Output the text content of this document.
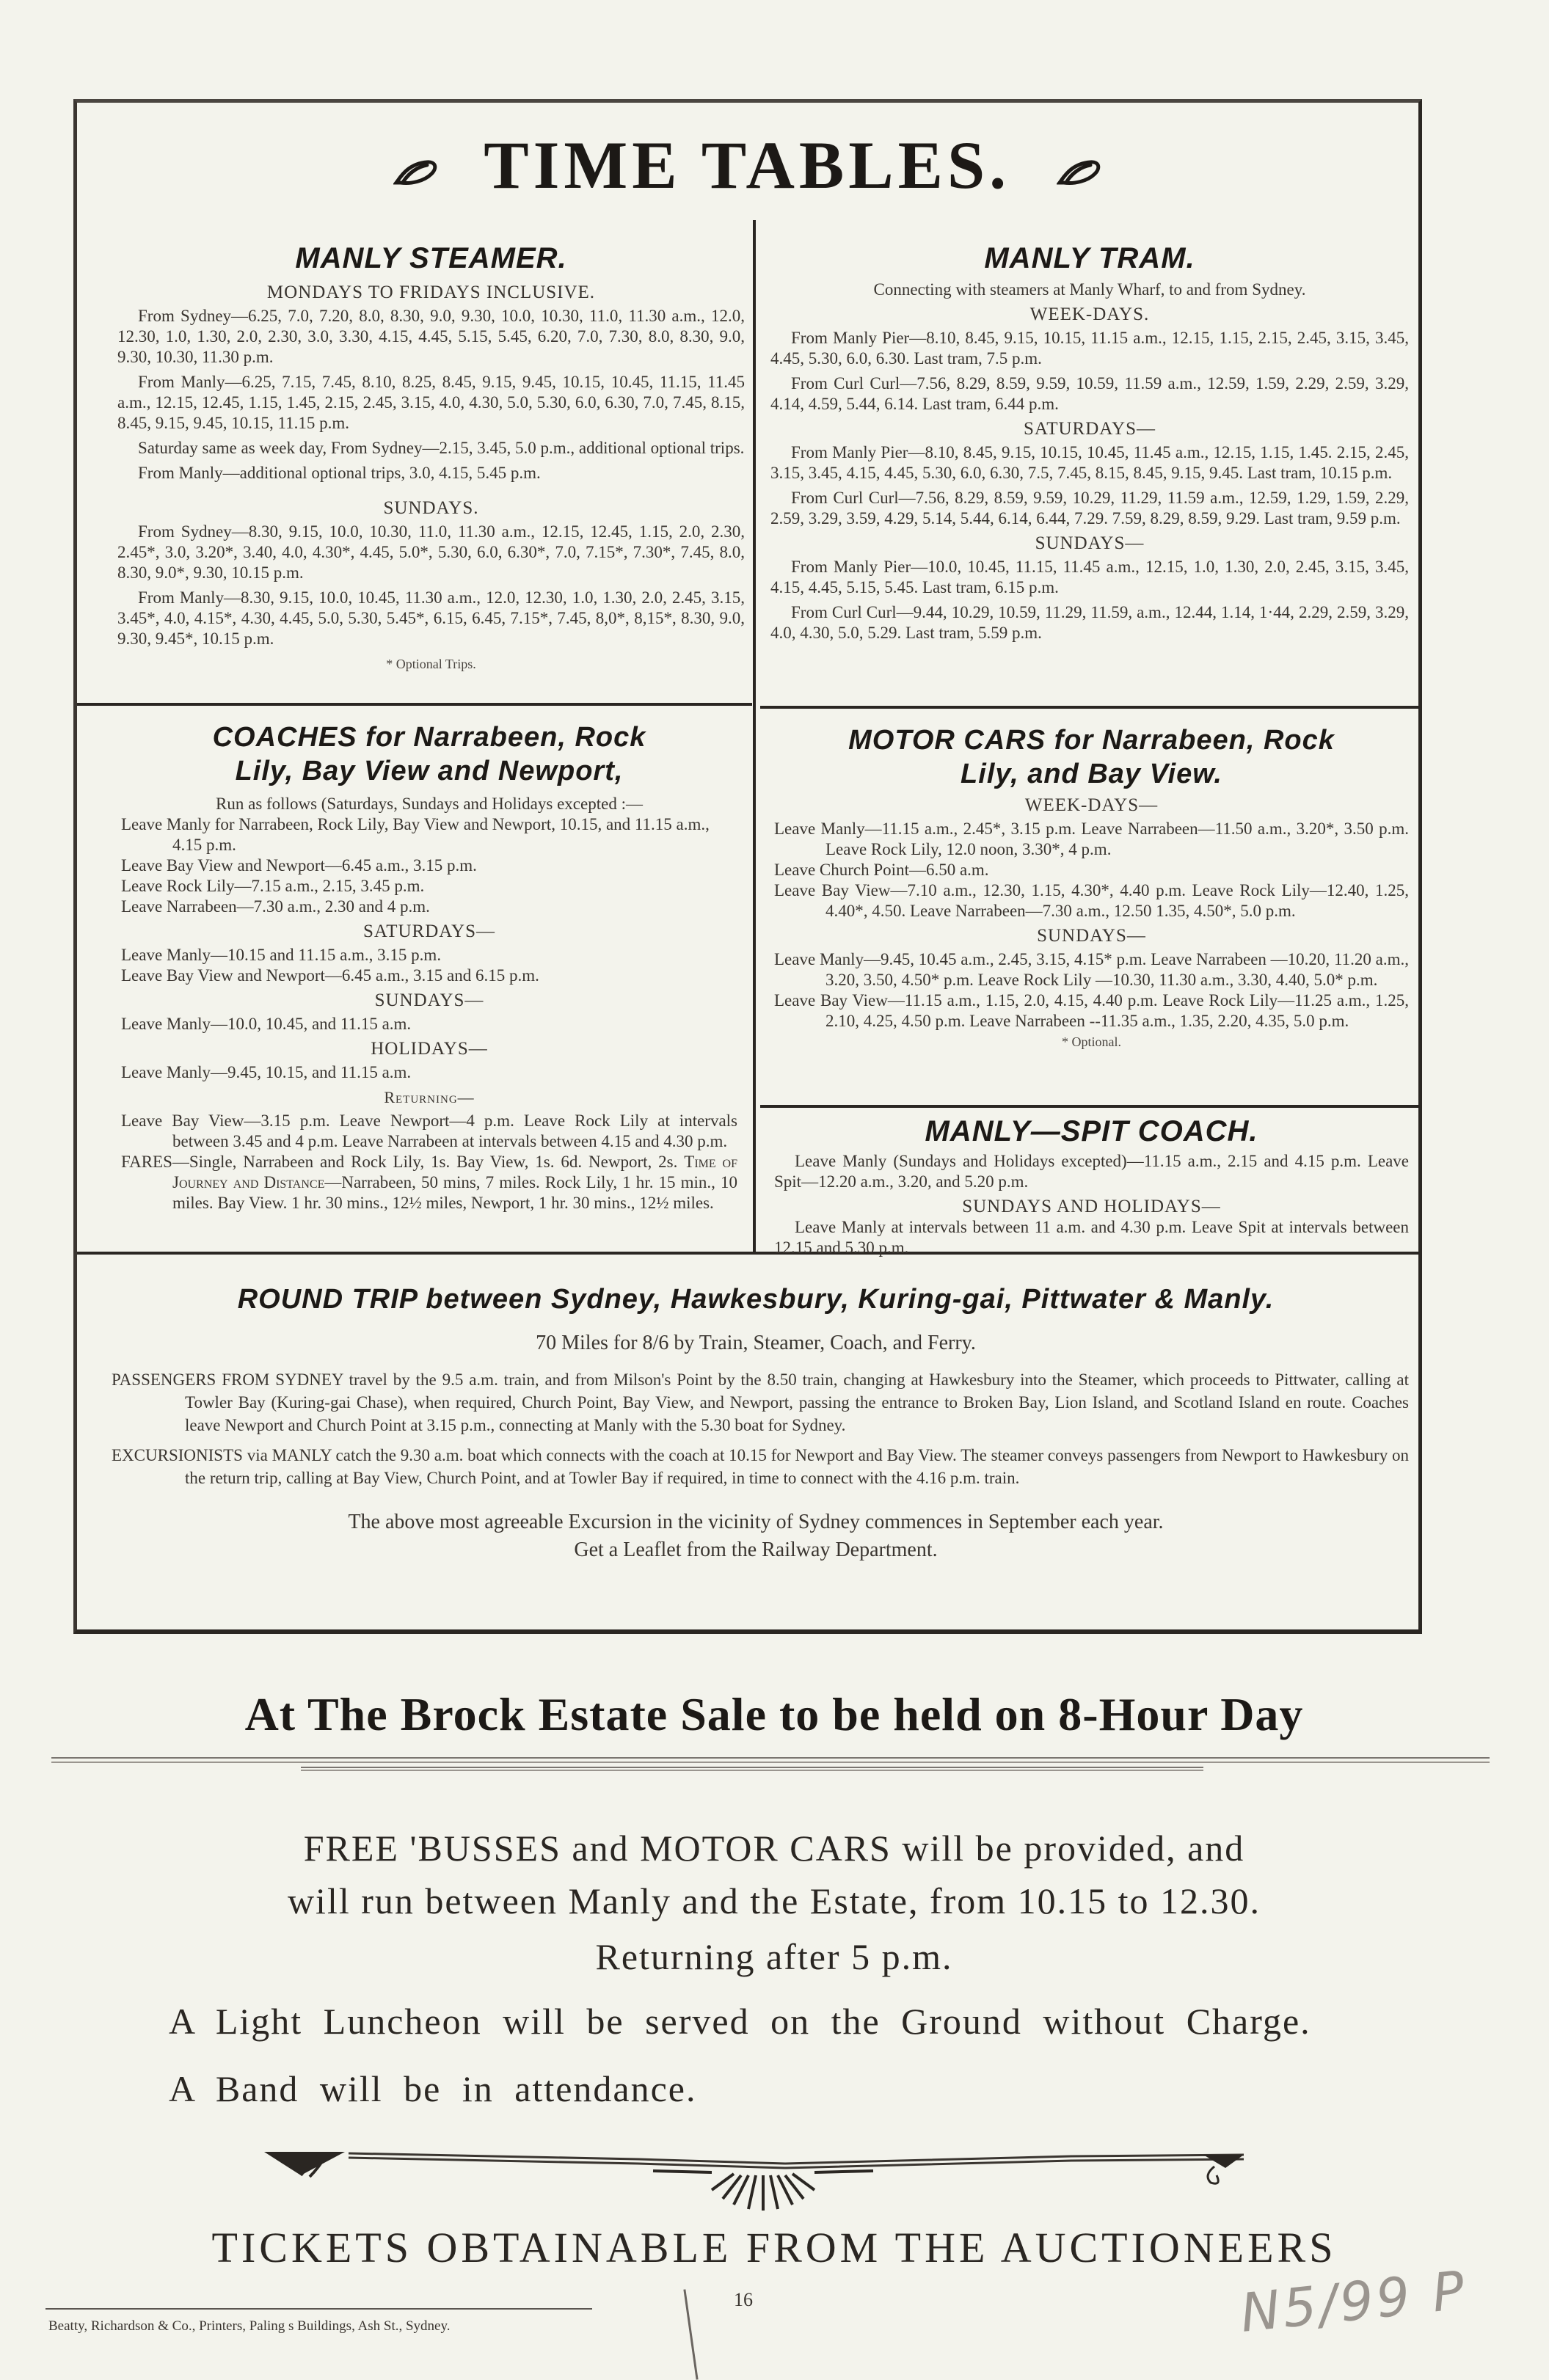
TIME TABLES.
MANLY STEAMER.
MONDAYS TO FRIDAYS INCLUSIVE.

From Sydney—6.25, 7.0, 7.20, 8.0, 8.30, 9.0, 9.30, 10.0, 10.30, 11.0, 11.30 a.m., 12.0, 12.30, 1.0, 1.30, 2.0, 2.30, 3.0, 3.30, 4.15, 4.45, 5.15, 5.45, 6.20, 7.0, 7.30, 8.0, 8.30, 9.0, 9.30, 10.30, 11.30 p.m.

From Manly—6.25, 7.15, 7.45, 8.10, 8.25, 8.45, 9.15, 9.45, 10.15, 10.45, 11.15, 11.45 a.m., 12.15, 12.45, 1.15, 1.45, 2.15, 2.45, 3.15, 4.0, 4.30, 5.0, 5.30, 6.0, 6.30, 7.0, 7.45, 8.15, 8.45, 9.15, 9.45, 10.15, 11.15 p.m.

Saturday same as week day, From Sydney—2.15, 3.45, 5.0 p.m., additional optional trips.

From Manly—additional optional trips, 3.0, 4.15, 5.45 p.m.

SUNDAYS.

From Sydney—8.30, 9.15, 10.0, 10.30, 11.0, 11.30 a.m., 12.15, 12.45, 1.15, 2.0, 2.30, 2.45*, 3.0, 3.20*, 3.40, 4.0, 4.30*, 4.45, 5.0*, 5.30, 6.0, 6.30*, 7.0, 7.15*, 7.30*, 7.45, 8.0, 8.30, 9.0*, 9.30, 10.15 p.m.

From Manly—8.30, 9.15, 10.0, 10.45, 11.30 a.m., 12.0, 12.30, 1.0, 1.30, 2.0, 2.45, 3.15, 3.45*, 4.0, 4.15*, 4.30, 4.45, 5.0, 5.30, 5.45*, 6.15, 6.45, 7.15*, 7.45, 8,0*, 8,15*, 8.30, 9.0, 9.30, 9.45*, 10.15 p.m.

* Optional Trips.
MANLY TRAM.
Connecting with steamers at Manly Wharf, to and from Sydney.
WEEK-DAYS.

From Manly Pier—8.10, 8.45, 9.15, 10.15, 11.15 a.m., 12.15, 1.15, 2.15, 2.45, 3.15, 3.45, 4.45, 5.30, 6.0, 6.30. Last tram, 7.5 p.m.

From Curl Curl—7.56, 8.29, 8.59, 9.59, 10.59, 11.59 a.m., 12.59, 1.59, 2.29, 2.59, 3.29, 4.14, 4.59, 5.44, 6.14. Last tram, 6.44 p.m.

SATURDAYS—

From Manly Pier—8.10, 8.45, 9.15, 10.15, 10.45, 11.45 a.m., 12.15, 1.15, 1.45. 2.15, 2.45, 3.15, 3.45, 4.15, 4.45, 5.30, 6.0, 6.30, 7.5, 7.45, 8.15, 8.45, 9.15, 9.45. Last tram, 10.15 p.m.

From Curl Curl—7.56, 8.29, 8.59, 9.59, 10.29, 11.29, 11.59 a.m., 12.59, 1.29, 1.59, 2.29, 2.59, 3.29, 3.59, 4.29, 5.14, 5.44, 6.14, 6.44, 7.29. 7.59, 8.29, 8.59, 9.29. Last tram, 9.59 p.m.

SUNDAYS—

From Manly Pier—10.0, 10.45, 11.15, 11.45 a.m., 12.15, 1.0, 1.30, 2.0, 2.45, 3.15, 3.45, 4.15, 4.45, 5.15, 5.45. Last tram, 6.15 p.m.

From Curl Curl—9.44, 10.29, 10.59, 11.29, 11.59, a.m., 12.44, 1.14, 1·44, 2.29, 2.59, 3.29, 4.0, 4.30, 5.0, 5.29. Last tram, 5.59 p.m.

COACHES for Narrabeen, Rock
Lily, Bay View and Newport,
Run as follows (Saturdays, Sundays and Holidays excepted :—

Leave Manly for Narrabeen, Rock Lily, Bay View and Newport, 10.15, and 11.15 a.m., 4.15 p.m.

Leave Bay View and Newport—6.45 a.m., 3.15 p.m.

Leave Rock Lily—7.15 a.m., 2.15, 3.45 p.m.

Leave Narrabeen—7.30 a.m., 2.30 and 4 p.m.

SATURDAYS—

Leave Manly—10.15 and 11.15 a.m., 3.15 p.m.

Leave Bay View and Newport—6.45 a.m., 3.15 and 6.15 p.m.

SUNDAYS—

Leave Manly—10.0, 10.45, and 11.15 a.m.

HOLIDAYS—

Leave Manly—9.45, 10.15, and 11.15 a.m.

Returning—

Leave Bay View—3.15 p.m. Leave Newport—4 p.m. Leave Rock Lily at intervals between 3.45 and 4 p.m. Leave Narrabeen at intervals between 4.15 and 4.30 p.m.

FARES—Single, Narrabeen and Rock Lily, 1s. Bay View, 1s. 6d. Newport, 2s. Time of Journey and Distance—Narrabeen, 50 mins, 7 miles. Rock Lily, 1 hr. 15 min., 10 miles. Bay View. 1 hr. 30 mins., 12½ miles, Newport, 1 hr. 30 mins., 12½ miles.

MOTOR CARS for Narrabeen, Rock
Lily, and Bay View.
WEEK-DAYS—

Leave Manly—11.15 a.m., 2.45*, 3.15 p.m. Leave Narrabeen—11.50 a.m., 3.20*, 3.50 p.m. Leave Rock Lily, 12.0 noon, 3.30*, 4 p.m.

Leave Church Point—6.50 a.m.

Leave Bay View—7.10 a.m., 12.30, 1.15, 4.30*, 4.40 p.m. Leave Rock Lily—12.40, 1.25, 4.40*, 4.50. Leave Narrabeen—7.30 a.m., 12.50 1.35, 4.50*, 5.0 p.m.

SUNDAYS—

Leave Manly—9.45, 10.45 a.m., 2.45, 3.15, 4.15* p.m. Leave Narrabeen —10.20, 11.20 a.m., 3.20, 3.50, 4.50* p.m. Leave Rock Lily —10.30, 11.30 a.m., 3.30, 4.40, 5.0* p.m.

Leave Bay View—11.15 a.m., 1.15, 2.0, 4.15, 4.40 p.m. Leave Rock Lily—11.25 a.m., 1.25, 2.10, 4.25, 4.50 p.m. Leave Narrabeen --11.35 a.m., 1.35, 2.20, 4.35, 5.0 p.m.

* Optional.
MANLY—SPIT COACH.

Leave Manly (Sundays and Holidays excepted)—11.15 a.m., 2.15 and 4.15 p.m. Leave Spit—12.20 a.m., 3.20, and 5.20 p.m.

SUNDAYS AND HOLIDAYS—

Leave Manly at intervals between 11 a.m. and 4.30 p.m. Leave Spit at intervals between 12.15 and 5.30 p.m.

ROUND TRIP between Sydney, Hawkesbury, Kuring-gai, Pittwater & Manly.
70 Miles for 8/6 by Train, Steamer, Coach, and Ferry.

PASSENGERS FROM SYDNEY travel by the 9.5 a.m. train, and from Milson's Point by the 8.50 train, changing at Hawkesbury into the Steamer, which proceeds to Pittwater, calling at Towler Bay (Kuring-gai Chase), when required, Church Point, Bay View, and Newport, passing the entrance to Broken Bay, Lion Island, and Scotland Island en route. Coaches leave Newport and Church Point at 3.15 p.m., connecting at Manly with the 5.30 boat for Sydney.

EXCURSIONISTS via MANLY catch the 9.30 a.m. boat which connects with the coach at 10.15 for Newport and Bay View. The steamer conveys passengers from Newport to Hawkesbury on the return trip, calling at Bay View, Church Point, and at Towler Bay if required, in time to connect with the 4.16 p.m. train.

The above most agreeable Excursion in the vicinity of Sydney commences in September each year.
Get a Leaflet from the Railway Department.
At The Brock Estate Sale to be held on 8-Hour Day
FREE 'BUSSES and MOTOR CARS will be provided, and
will run between Manly and the Estate, from 10.15 to 12.30.
Returning after 5 p.m.
A Light Luncheon will be served on the Ground without Charge.
A Band will be in attendance.
TICKETS OBTAINABLE FROM THE AUCTIONEERS
16
Beatty, Richardson & Co., Printers, Paling s Buildings, Ash St., Sydney.	N5/99 P
